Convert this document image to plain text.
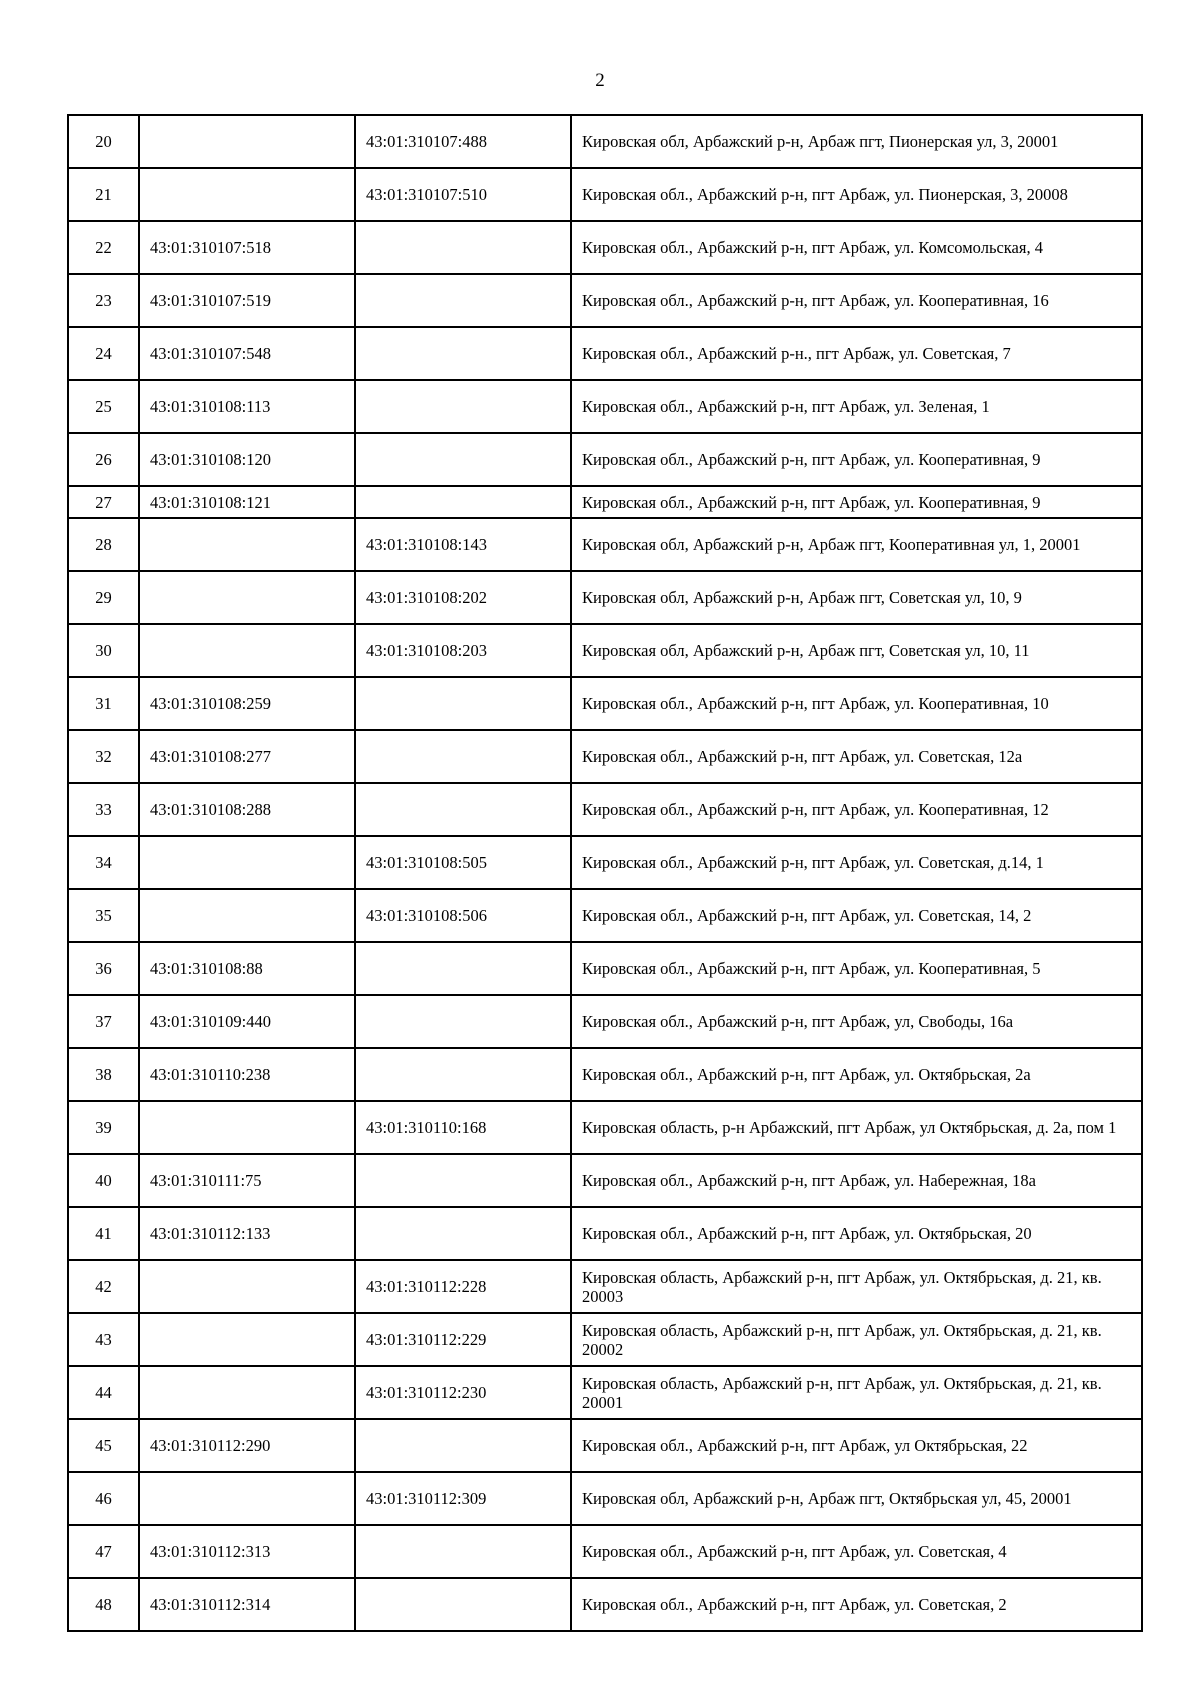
2
20		43:01:310107:488	Кировская обл, Арбажский р-н, Арбаж пгт, Пионерская ул, 3, 20001
21		43:01:310107:510	Кировская обл., Арбажский р-н, пгт Арбаж, ул. Пионерская, 3, 20008
22	43:01:310107:518		Кировская обл., Арбажский р-н, пгт Арбаж, ул. Комсомольская, 4
23	43:01:310107:519		Кировская обл., Арбажский р-н, пгт Арбаж, ул. Кооперативная, 16
24	43:01:310107:548		Кировская обл., Арбажский р-н., пгт Арбаж, ул. Советская, 7
25	43:01:310108:113		Кировская обл., Арбажский р-н, пгт Арбаж, ул. Зеленая, 1
26	43:01:310108:120		Кировская обл., Арбажский р-н, пгт Арбаж, ул. Кооперативная, 9
27	43:01:310108:121		Кировская обл., Арбажский р-н, пгт Арбаж, ул. Кооперативная, 9
28		43:01:310108:143	Кировская обл, Арбажский р-н, Арбаж пгт, Кооперативная ул, 1, 20001
29		43:01:310108:202	Кировская обл, Арбажский р-н, Арбаж пгт, Советская ул, 10, 9
30		43:01:310108:203	Кировская обл, Арбажский р-н, Арбаж пгт, Советская ул, 10, 11
31	43:01:310108:259		Кировская обл., Арбажский р-н, пгт Арбаж, ул. Кооперативная, 10
32	43:01:310108:277		Кировская обл., Арбажский р-н, пгт Арбаж, ул. Советская, 12а
33	43:01:310108:288		Кировская обл., Арбажский р-н, пгт Арбаж, ул. Кооперативная, 12
34		43:01:310108:505	Кировская обл., Арбажский р-н, пгт Арбаж, ул. Советская, д.14, 1
35		43:01:310108:506	Кировская обл., Арбажский р-н, пгт Арбаж, ул. Советская, 14, 2
36	43:01:310108:88		Кировская обл., Арбажский р-н, пгт Арбаж, ул. Кооперативная, 5
37	43:01:310109:440		Кировская обл., Арбажский р-н, пгт Арбаж, ул, Свободы, 16а
38	43:01:310110:238		Кировская обл., Арбажский р-н, пгт Арбаж, ул. Октябрьская, 2а
39		43:01:310110:168	Кировская область, р-н Арбажский, пгт Арбаж, ул Октябрьская, д. 2а, пом 1
40	43:01:310111:75		Кировская обл., Арбажский р-н, пгт Арбаж, ул. Набережная, 18а
41	43:01:310112:133		Кировская обл., Арбажский р-н, пгт Арбаж, ул. Октябрьская, 20
42		43:01:310112:228	Кировская область, Арбажский р-н, пгт Арбаж, ул. Октябрьская, д. 21, кв. 20003
43		43:01:310112:229	Кировская область, Арбажский р-н, пгт Арбаж, ул. Октябрьская, д. 21, кв. 20002
44		43:01:310112:230	Кировская область, Арбажский р-н, пгт Арбаж, ул. Октябрьская, д. 21, кв. 20001
45	43:01:310112:290		Кировская обл., Арбажский р-н, пгт Арбаж, ул Октябрьская, 22
46		43:01:310112:309	Кировская обл, Арбажский р-н, Арбаж пгт, Октябрьская ул, 45, 20001
47	43:01:310112:313		Кировская обл., Арбажский р-н, пгт Арбаж, ул. Советская, 4
48	43:01:310112:314		Кировская обл., Арбажский р-н, пгт Арбаж, ул. Советская, 2
